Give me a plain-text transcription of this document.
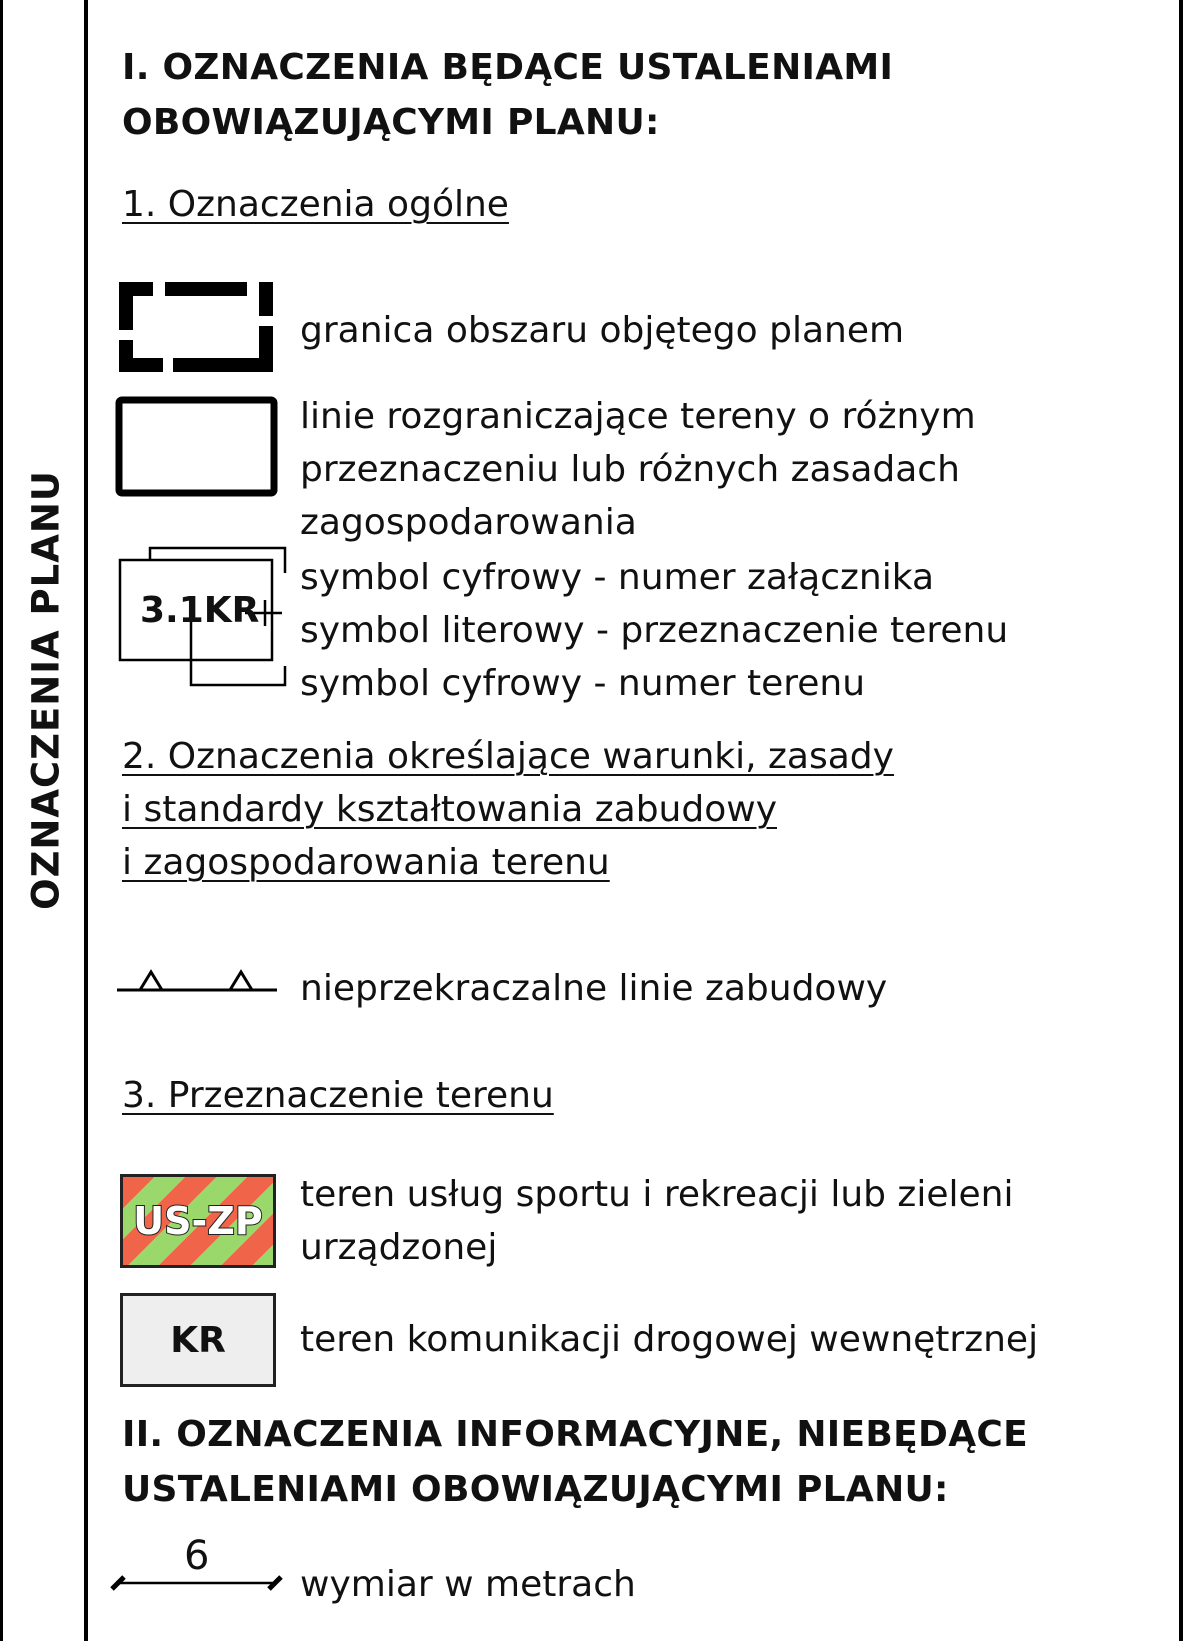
OZNACZENIA PLANU
I. OZNACZENIA BĘDĄCE USTALENIAMI
OBOWIĄZUJĄCYMI PLANU:
1. Oznaczenia ogólne
granica obszaru objętego planem
linie rozgraniczające tereny o różnym
przeznaczeniu lub różnych zasadach
zagospodarowania
3.1KR
symbol cyfrowy - numer załącznika
symbol literowy - przeznaczenie terenu
symbol cyfrowy - numer terenu
2. Oznaczenia określające warunki, zasady
i standardy kształtowania zabudowy
i zagospodarowania terenu
nieprzekraczalne linie zabudowy
3. Przeznaczenie terenu
US-ZP
teren usług sportu i rekreacji lub zieleni
urządzonej
KR	teren komunikacji drogowej wewnętrznej
II. OZNACZENIA INFORMACYJNE, NIEBĘDĄCE
USTALENIAMI OBOWIĄZUJĄCYMI PLANU:
6
wymiar w metrach
